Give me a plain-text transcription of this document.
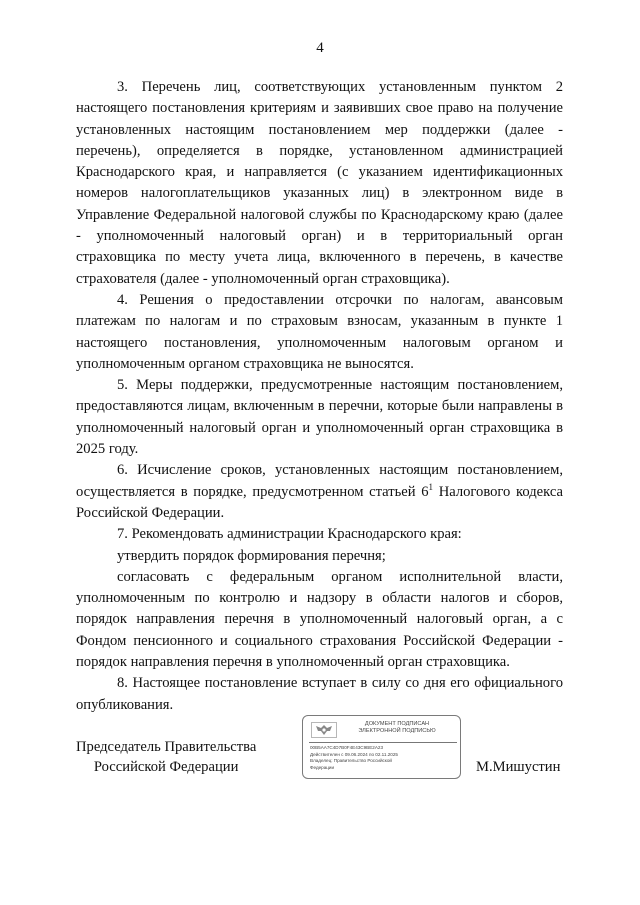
4

3. Перечень лиц, соответствующих установленным пунктом 2 настоящего постановления критериям и заявивших свое право на получение установленных настоящим постановлением мер поддержки (далее - перечень), определяется в порядке, установленном администрацией Краснодарского края, и направляется (с указанием идентификационных номеров налогоплательщиков указанных лиц) в электронном виде в Управление Федеральной налоговой службы по Краснодарскому краю (далее - уполномоченный налоговый орган) и в территориальный орган страховщика по месту учета лица, включенного в перечень, в качестве страхователя (далее - уполномоченный орган страховщика).

4. Решения о предоставлении отсрочки по налогам, авансовым платежам по налогам и по страховым взносам, указанным в пункте 1 настоящего постановления, уполномоченным налоговым органом и уполномоченным органом страховщика не выносятся.

5. Меры поддержки, предусмотренные настоящим постановлением, предоставляются лицам, включенным в перечни, которые были направлены в уполномоченный налоговый орган и уполномоченный орган страховщика в 2025 году.

6. Исчисление сроков, установленных настоящим постановлением, осуществляется в порядке, предусмотренном статьей $6^1$ Налогового кодекса Российской Федерации.

7. Рекомендовать администрации Краснодарского края:

утвердить порядок формирования перечня;

согласовать с федеральным органом исполнительной власти, уполномоченным по контролю и надзору в области налогов и сборов, порядок направления перечня в уполномоченный налоговый орган, а с Фондом пенсионного и социального страхования Российской Федерации - порядок направления перечня в уполномоченный орган страховщика.

8. Настоящее постановление вступает в силу со дня его официального опубликования.

Председатель Правительства
Российской Федерации
ДОКУМЕНТ ПОДПИСАН
ЭЛЕКТРОННОЙ ПОДПИСЬЮ
00B5AA7C4D7B0F4E43C9BE2A23
Действителен с 09.06.2024 по 02.11.2025
Владелец: Правительство Российской
Федерации	М.Мишустин
